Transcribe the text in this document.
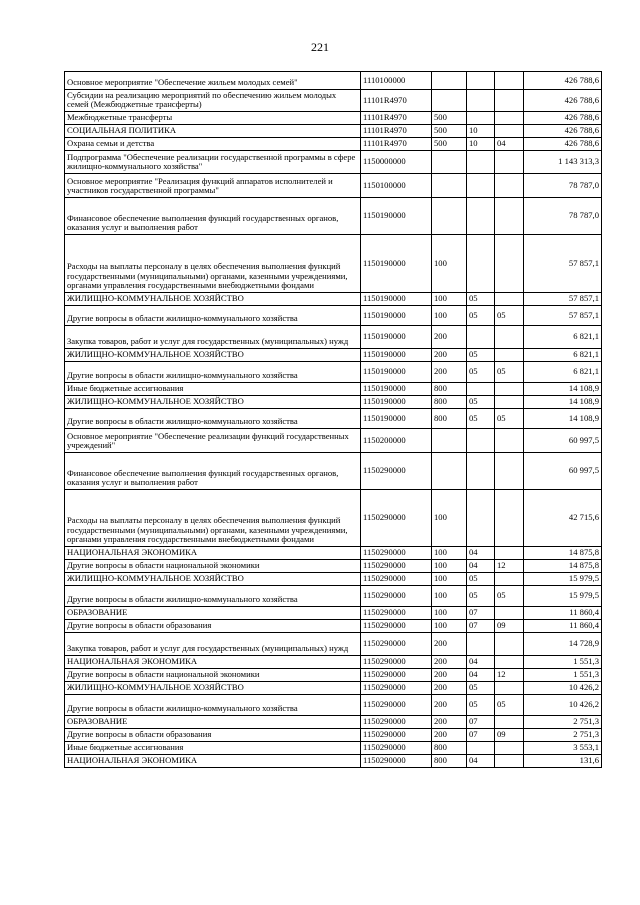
221
Основное мероприятие "Обеспечение жильем молодых семей"	1110100000				426 788,6
Субсидии на реализацию мероприятий по обеспечению жильем молодых семей (Межбюджетные трансферты)	11101R4970				426 788,6
Межбюджетные трансферты	11101R4970	500			426 788,6
СОЦИАЛЬНАЯ ПОЛИТИКА	11101R4970	500	10		426 788,6
Охрана семьи и детства	11101R4970	500	10	04	426 788,6
Подпрограмма "Обеспечение реализации государственной программы в сфере жилищно-коммунального хозяйства"	1150000000				1 143 313,3
Основное мероприятие "Реализация функций аппаратов исполнителей и участников государственной программы"	1150100000				78 787,0
Финансовое обеспечение выполнения функций государственных органов, оказания услуг и выполнения работ	1150190000				78 787,0
Расходы на выплаты персоналу в целях обеспечения выполнения функций государственными (муниципальными) органами, казенными учреждениями, органами управления государственными внебюджетными фондами	1150190000	100			57 857,1
ЖИЛИЩНО-КОММУНАЛЬНОЕ ХОЗЯЙСТВО	1150190000	100	05		57 857,1
Другие вопросы в области жилищно-коммунального хозяйства	1150190000	100	05	05	57 857,1
Закупка товаров, работ и услуг для государственных (муниципальных) нужд	1150190000	200			6 821,1
ЖИЛИЩНО-КОММУНАЛЬНОЕ ХОЗЯЙСТВО	1150190000	200	05		6 821,1
Другие вопросы в области жилищно-коммунального хозяйства	1150190000	200	05	05	6 821,1
Иные бюджетные ассигнования	1150190000	800			14 108,9
ЖИЛИЩНО-КОММУНАЛЬНОЕ ХОЗЯЙСТВО	1150190000	800	05		14 108,9
Другие вопросы в области жилищно-коммунального хозяйства	1150190000	800	05	05	14 108,9
Основное мероприятие "Обеспечение реализации функций государственных учреждений"	1150200000				60 997,5
Финансовое обеспечение выполнения функций государственных органов, оказания услуг и выполнения работ	1150290000				60 997,5
Расходы на выплаты персоналу в целях обеспечения выполнения функций государственными (муниципальными) органами, казенными учреждениями, органами управления государственными внебюджетными фондами	1150290000	100			42 715,6
НАЦИОНАЛЬНАЯ ЭКОНОМИКА	1150290000	100	04		14 875,8
Другие вопросы в области национальной экономики	1150290000	100	04	12	14 875,8
ЖИЛИЩНО-КОММУНАЛЬНОЕ ХОЗЯЙСТВО	1150290000	100	05		15 979,5
Другие вопросы в области жилищно-коммунального хозяйства	1150290000	100	05	05	15 979,5
ОБРАЗОВАНИЕ	1150290000	100	07		11 860,4
Другие вопросы в области образования	1150290000	100	07	09	11 860,4
Закупка товаров, работ и услуг для государственных (муниципальных) нужд	1150290000	200			14 728,9
НАЦИОНАЛЬНАЯ ЭКОНОМИКА	1150290000	200	04		1 551,3
Другие вопросы в области национальной экономики	1150290000	200	04	12	1 551,3
ЖИЛИЩНО-КОММУНАЛЬНОЕ ХОЗЯЙСТВО	1150290000	200	05		10 426,2
Другие вопросы в области жилищно-коммунального хозяйства	1150290000	200	05	05	10 426,2
ОБРАЗОВАНИЕ	1150290000	200	07		2 751,3
Другие вопросы в области образования	1150290000	200	07	09	2 751,3
Иные бюджетные ассигнования	1150290000	800			3 553,1
НАЦИОНАЛЬНАЯ ЭКОНОМИКА	1150290000	800	04		131,6
